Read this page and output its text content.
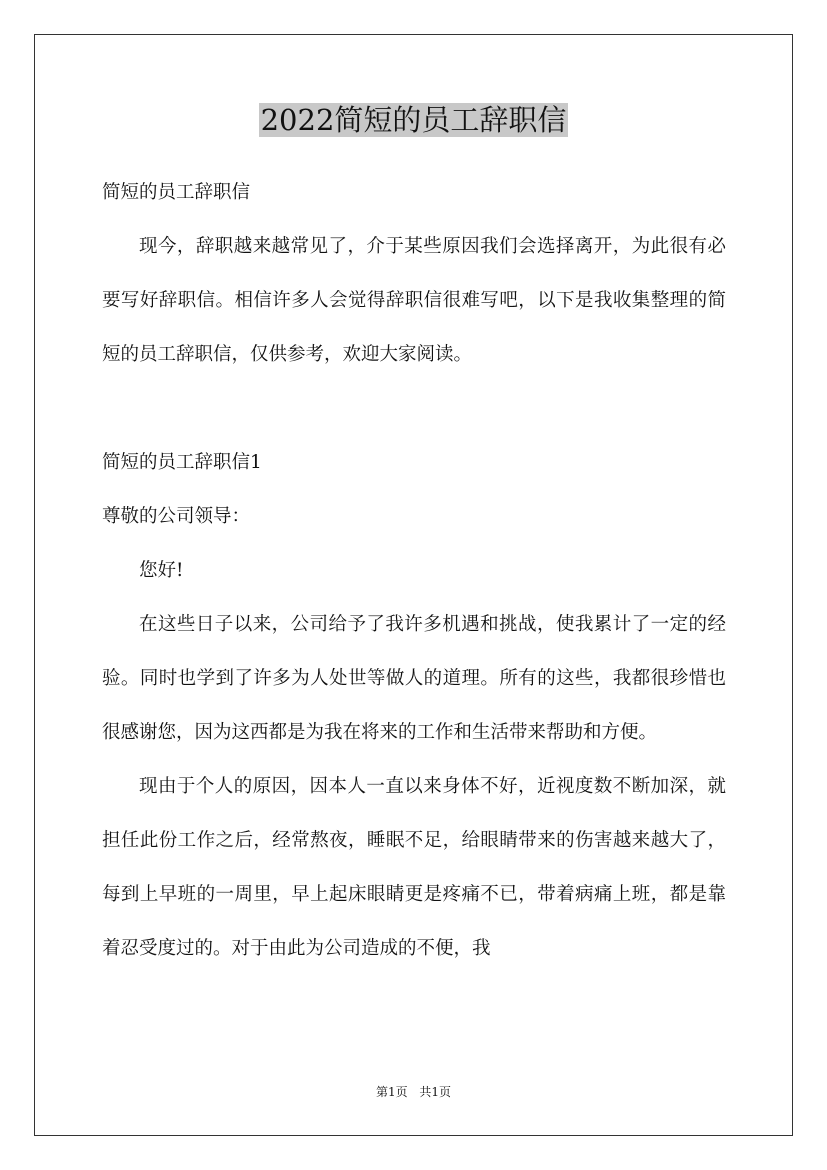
2022简短的员工辞职信

简短的员工辞职信

现今，辞职越来越常见了，介于某些原因我们会选择离开，为此很有必要写好辞职信。相信许多人会觉得辞职信很难写吧，以下是我收集整理的简短的员工辞职信，仅供参考，欢迎大家阅读。

简短的员工辞职信1

尊敬的公司领导：

您好!

在这些日子以来，公司给予了我许多机遇和挑战，使我累计了一定的经验。同时也学到了许多为人处世等做人的道理。所有的这些，我都很珍惜也很感谢您，因为这西都是为我在将来的工作和生活带来帮助和方便。

现由于个人的原因，因本人一直以来身体不好，近视度数不断加深，就担任此份工作之后，经常熬夜，睡眠不足，给眼睛带来的伤害越来越大了，每到上早班的一周里，早上起床眼睛更是疼痛不已，带着病痛上班，都是靠着忍受度过的。对于由此为公司造成的不便，我

第1页 共1页
